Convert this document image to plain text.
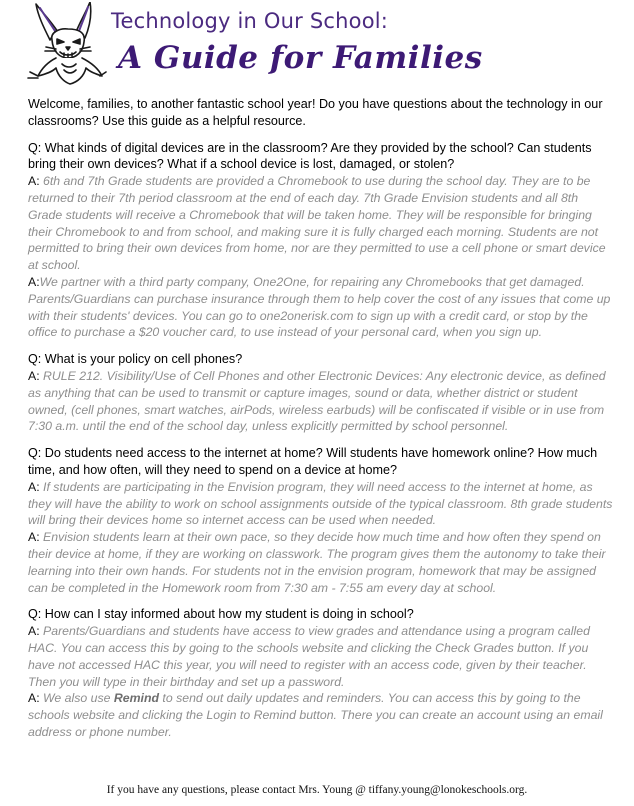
Technology in Our School:
A Guide for Families

Welcome, families, to another fantastic school year! Do you have questions about the technology in our classrooms? Use this guide as a helpful resource.

Q: What kinds of digital devices are in the classroom? Are they provided by the school? Can students bring their own devices? What if a school device is lost, damaged, or stolen?

A: 6th and 7th Grade students are provided a Chromebook to use during the school day. They are to be returned to their 7th period classroom at the end of each day. 7th Grade Envision students and all 8th Grade students will receive a Chromebook that will be taken home. They will be responsible for bringing their Chromebook to and from school, and making sure it is fully charged each morning. Students are not permitted to bring their own devices from home, nor are they permitted to use a cell phone or smart device at school.

A:We partner with a third party company, One2One, for repairing any Chromebooks that get damaged. Parents/Guardians can purchase insurance through them to help cover the cost of any issues that come up with their students' devices. You can go to one2onerisk.com to sign up with a credit card, or stop by the office to purchase a $20 voucher card, to use instead of your personal card, when you sign up.

Q: What is your policy on cell phones?

A: RULE 212. Visibility/Use of Cell Phones and other Electronic Devices: Any electronic device, as defined as anything that can be used to transmit or capture images, sound or data, whether district or student owned, (cell phones, smart watches, airPods, wireless earbuds) will be confiscated if visible or in use from 7:30 a.m. until the end of the school day, unless explicitly permitted by school personnel.

Q: Do students need access to the internet at home? Will students have homework online? How much time, and how often, will they need to spend on a device at home?

A: If students are participating in the Envision program, they will need access to the internet at home, as they will have the ability to work on school assignments outside of the typical classroom. 8th grade students will bring their devices home so internet access can be used when needed.

A: Envision students learn at their own pace, so they decide how much time and how often they spend on their device at home, if they are working on classwork. The program gives them the autonomy to take their learning into their own hands. For students not in the envision program, homework that may be assigned can be completed in the Homework room from 7:30 am - 7:55 am every day at school.

Q: How can I stay informed about how my student is doing in school?

A: Parents/Guardians and students have access to view grades and attendance using a program called HAC. You can access this by going to the schools website and clicking the Check Grades button. If you have not accessed HAC this year, you will need to register with an access code, given by their teacher. Then you will type in their birthday and set up a password.

A: We also use Remind to send out daily updates and reminders. You can access this by going to the schools website and clicking the Login to Remind button. There you can create an account using an email address or phone number.

If you have any questions, please contact Mrs. Young @ tiffany.young@lonokeschools.org.
